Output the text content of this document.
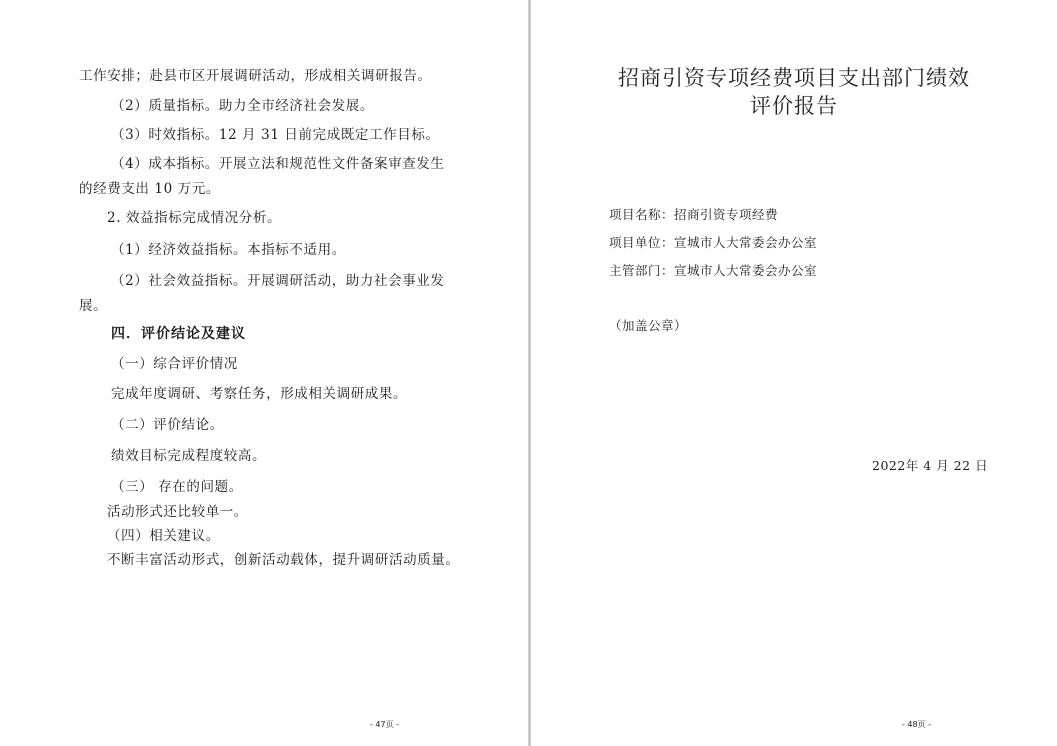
工作安排；赴县市区开展调研活动，形成相关调研报告。
（2）质量指标。助力全市经济社会发展。
（3）时效指标。12 月 31 日前完成既定工作目标。
（4）成本指标。开展立法和规范性文件备案审查发生
的经费支出 10 万元。
2. 效益指标完成情况分析。
（1）经济效益指标。本指标不适用。
（2）社会效益指标。开展调研活动，助力社会事业发
展。
四．评价结论及建议
（一）综合评价情况
完成年度调研、考察任务，形成相关调研成果。
（二）评价结论。
绩效目标完成程度较高。
（三） 存在的问题。
活动形式还比较单一。
（四）相关建议。
不断丰富活动形式，创新活动载体，提升调研活动质量。
- 47页 -
招商引资专项经费项目支出部门绩效
评价报告
项目名称：招商引资专项经费
项目单位：宣城市人大常委会办公室
主管部门：宣城市人大常委会办公室
（加盖公章）
2022年 4 月 22 日
- 48页 -
